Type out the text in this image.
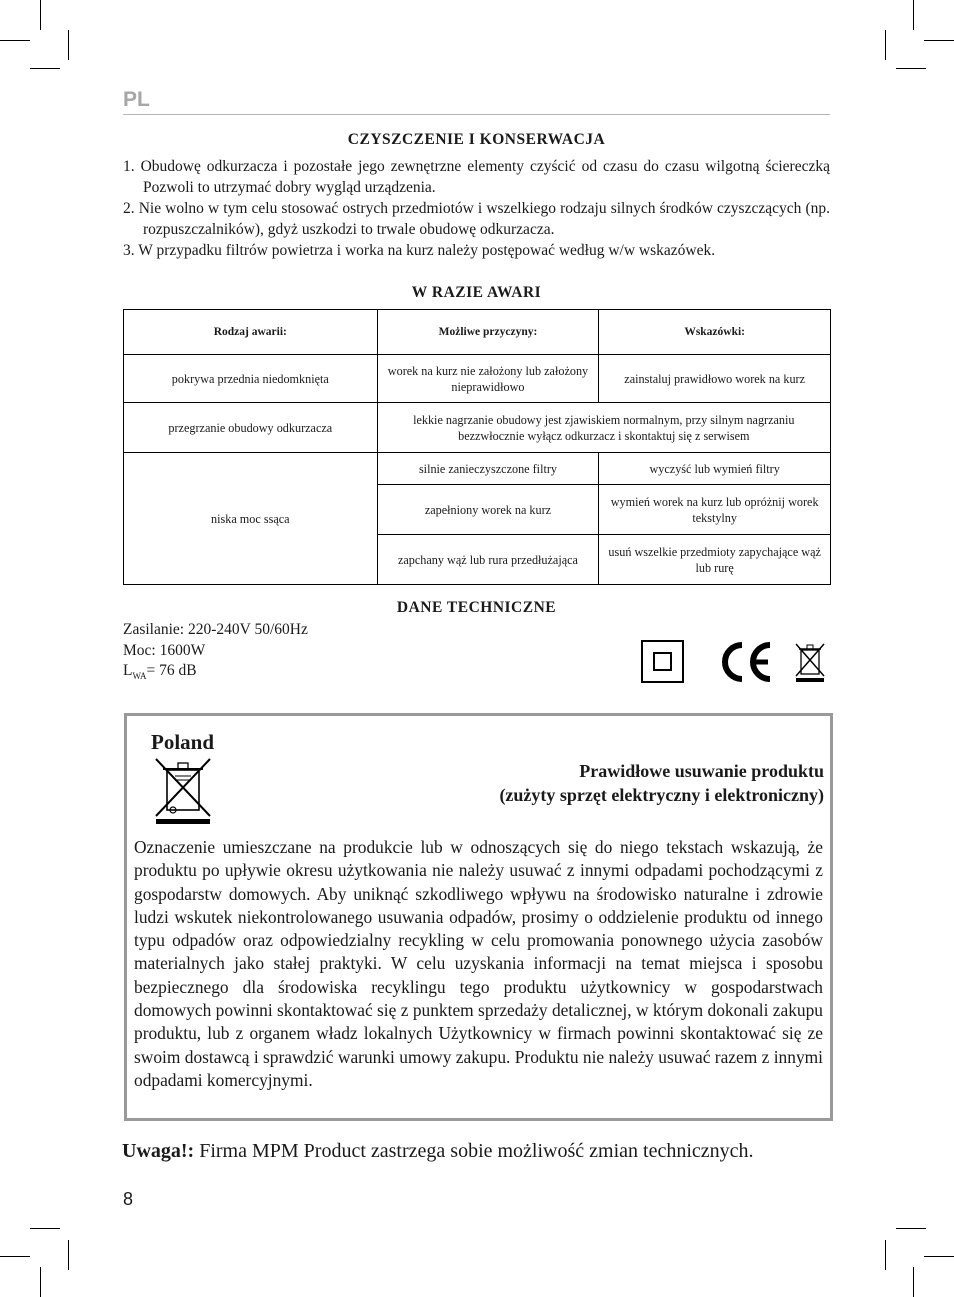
PL
CZYSZCZENIE I KONSERWACJA
1. Obudowę odkurzacza i pozostałe jego zewnętrzne elementy czyścić od czasu do czasu wilgotną ściereczką Pozwoli to utrzymać dobry wygląd urządzenia.
2. Nie wolno w tym celu stosować ostrych przedmiotów i wszelkiego rodzaju silnych środków czyszczących (np. rozpuszczalników), gdyż uszkodzi to trwale obudowę odkurzacza.
3. W przypadku filtrów powietrza i worka na kurz należy postępować według w/w wskazówek.
W RAZIE AWARI
Rodzaj awarii:	Możliwe przyczyny:	Wskazówki:
pokrywa przednia niedomknięta	worek na kurz nie założony lub założony nieprawidłowo	zainstaluj prawidłowo worek na kurz
przegrzanie obudowy odkurzacza	lekkie nagrzanie obudowy jest zjawiskiem normalnym, przy silnym nagrzaniu bezzwłocznie wyłącz odkurzacz i skontaktuj się z serwisem	
niska moc ssąca	silnie zanieczyszczone filtry	wyczyść lub wymień filtry
	zapełniony worek na kurz	wymień worek na kurz lub opróżnij worek tekstylny
	zapchany wąż lub rura przedłużająca	usuń wszelkie przedmioty zapychające wąż lub rurę
DANE TECHNICZNE
Zasilanie: 220-240V 50/60Hz
Moc: 1600W
$L_{WA}= 76$ dB
Poland
Prawidłowe usuwanie produktu
(zużyty sprzęt elektryczny i elektroniczny)
Oznaczenie umieszczane na produkcie lub w odnoszących się do niego tekstach wskazują, że produktu po upływie okresu użytkowania nie należy usuwać z innymi odpadami pochodzącymi z gospodarstw domowych. Aby uniknąć szkodliwego wpływu na środowisko naturalne i zdrowie ludzi wskutek niekontrolowanego usuwania odpadów, prosimy o oddzielenie produktu od innego typu odpadów oraz odpowiedzialny recykling w celu promowania ponownego użycia zasobów materialnych jako stałej praktyki. W celu uzyskania informacji na temat miejsca i sposobu bezpiecznego dla środowiska recyklingu tego produktu użytkownicy w gospodarstwach domowych powinni skontaktować się z punktem sprzedaży detalicznej, w którym dokonali zakupu produktu, lub z organem władz lokalnych Użytkownicy w firmach powinni skontaktować się ze swoim dostawcą i sprawdzić warunki umowy zakupu. Produktu nie należy usuwać razem z innymi odpadami komercyjnymi.
Uwaga!: Firma MPM Product zastrzega sobie możliwość zmian technicznych.
8
